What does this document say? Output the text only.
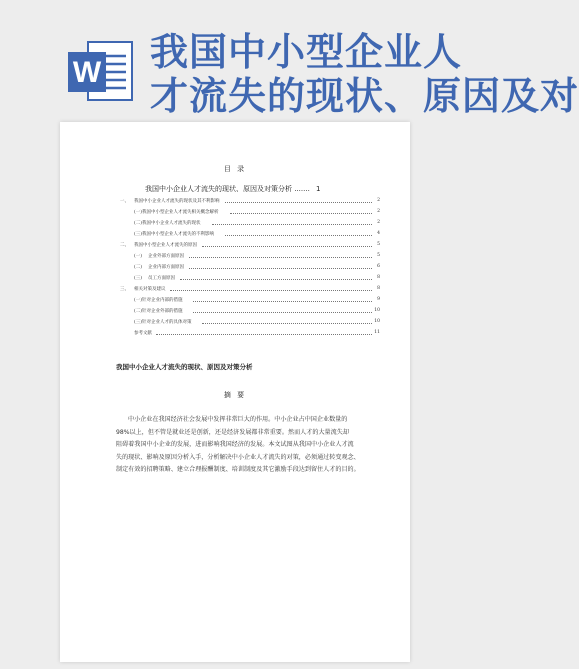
W 我国中小型企业人
才流失的现状、原因及对
目 录
我国中小企业人才流失的现状、原因及对策分析 ....... 1
一、 我国中小企业人才流失的现状及其不利影响	2
(一)我国中小型企业人才流失相关概念解析	2
(二)我国中小企业人才流失的现状	2
(三)我国中小型企业人才流失的不利影响	4
二、 我国中小型企业人才流失的原因	5
(一) 企业外部方面原因	5
(二) 企业内部方面原因	6
(三) 员工方面原因	8
三、 相关对策及建议	8
(一)针对企业内部的措施	9
(二)针对企业外部的措施	10
(三)针对企业人才的具体对策	10
参考文献	11
我国中小企业人才流失的现状、原因及对策分析
摘 要
中小企业在我国经济社会发展中发挥非常巨大的作用。中小企业占中国企业数量的
98%以上，但不管是就业还是创新，还是经济发展都非常重要。然而人才的大量流失却
阻碍着我国中小企业的发展，进而影响我国经济的发展。本文试图从我国中小企业人才流
失的现状、影响及原因分析入手，分析解决中小企业人才流失的对策，必须通过转变观念、
制定有效的招聘策略、建立合理报酬制度、培训制度及其它激励手段达到留住人才的目的。
